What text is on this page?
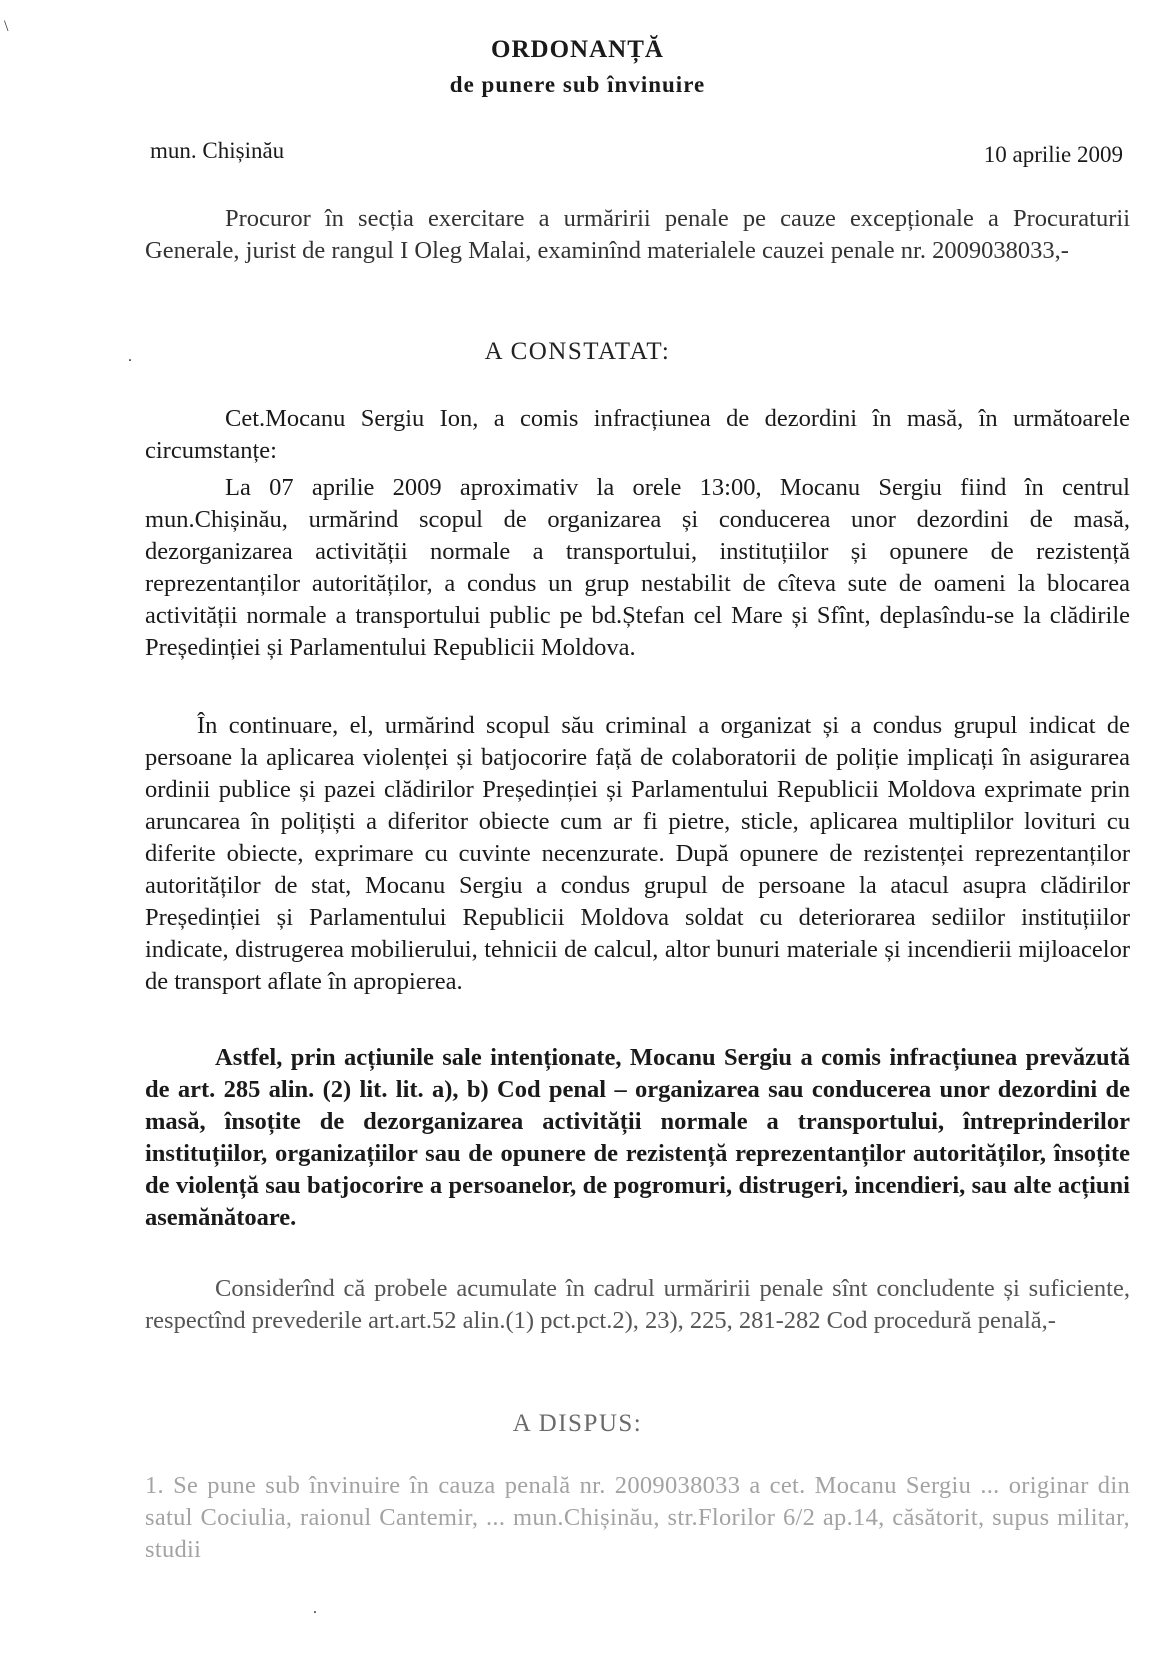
\
.
.
ORDONANȚĂ
de punere sub învinuire
mun. Chișinău	10 aprilie 2009

Procuror în secția exercitare a urmăririi penale pe cauze excepționale a Procuraturii Generale, jurist de rangul I Oleg Malai, examinînd materialele cauzei penale nr. 2009038033,-

A CONSTATAT:

Cet.Mocanu Sergiu Ion, a comis infracțiunea de dezordini în masă, în următoarele circumstanțe:

La 07 aprilie 2009 aproximativ la orele 13:00, Mocanu Sergiu fiind în centrul mun.Chișinău, urmărind scopul de organizarea și conducerea unor dezordini de masă, dezorganizarea activității normale a transportului, instituțiilor și opunere de rezistență reprezentanților autorităților, a condus un grup nestabilit de cîteva sute de oameni la blocarea activității normale a transportului public pe bd.Ștefan cel Mare și Sfînt, deplasîndu-se la clădirile Președinției și Parlamentului Republicii Moldova.

În continuare, el, urmărind scopul său criminal a organizat și a condus grupul indicat de persoane la aplicarea violenței și batjocorire față de colaboratorii de poliție implicați în asigurarea ordinii publice și pazei clădirilor Președinției și Parlamentului Republicii Moldova exprimate prin aruncarea în polițiști a diferitor obiecte cum ar fi pietre, sticle, aplicarea multiplilor lovituri cu diferite obiecte, exprimare cu cuvinte necenzurate. După opunere de rezistenței reprezentanților autorităților de stat, Mocanu Sergiu a condus grupul de persoane la atacul asupra clădirilor Președinției și Parlamentului Republicii Moldova soldat cu deteriorarea sediilor instituțiilor indicate, distrugerea mobilierului, tehnicii de calcul, altor bunuri materiale și incendierii mijloacelor de transport aflate în apropierea.

Astfel, prin acțiunile sale intenționate, Mocanu Sergiu a comis infracțiunea prevăzută de art. 285 alin. (2) lit. lit. a), b) Cod penal – organizarea sau conducerea unor dezordini de masă, însoțite de dezorganizarea activității normale a transportului, întreprinderilor instituțiilor, organizațiilor sau de opunere de rezistență reprezentanților autorităților, însoțite de violență sau batjocorire a persoanelor, de pogromuri, distrugeri, incendieri, sau alte acțiuni asemănătoare.

Considerînd că probele acumulate în cadrul urmăririi penale sînt concludente și suficiente, respectînd prevederile art.art.52 alin.(1) pct.pct.2), 23), 225, 281-282 Cod procedură penală,-

A DISPUS:

1. Se pune sub învinuire în cauza penală nr. 2009038033 a cet. Mocanu Sergiu ... originar din satul Cociulia, raionul Cantemir, ... mun.Chișinău, str.Florilor 6/2 ap.14, căsătorit, supus militar, studii
